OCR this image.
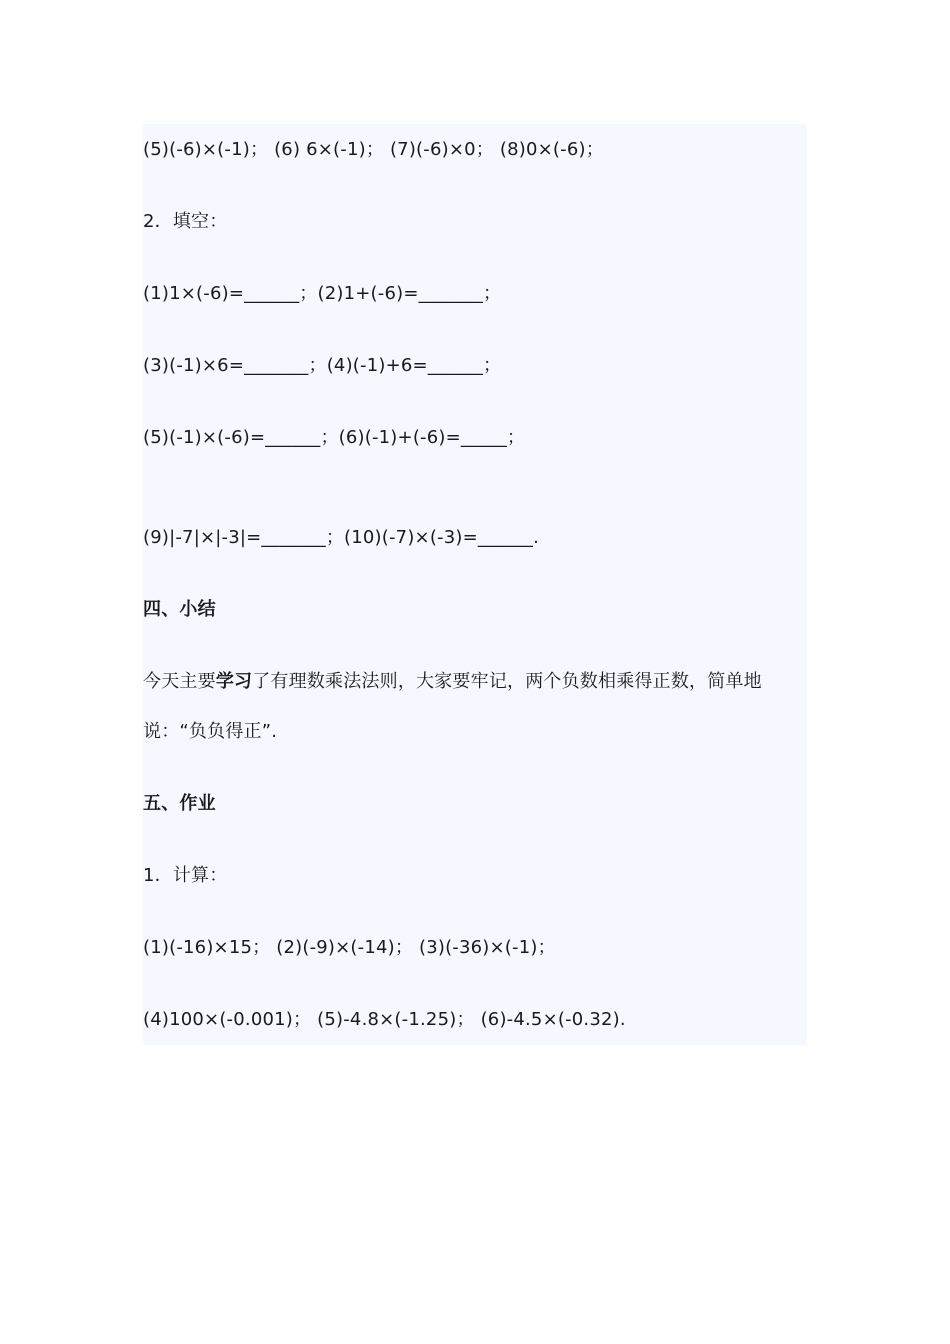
(5)(-6)×(-1)； (6) 6×(-1)； (7)(-6)×0； (8)0×(-6)；
2．填空：
(1)1×(-6)=______；(2)1+(-6)=_______；
(3)(-1)×6=_______；(4)(-1)+6=______；
(5)(-1)×(-6)=______；(6)(-1)+(-6)=_____；
(9)|-7|×|-3|=_______；(10)(-7)×(-3)=______.
四、小结
今天主要学习了有理数乘法法则，大家要牢记，两个负数相乘得正数，简单地
说：“负负得正”.
五、作业
1．计算：
(1)(-16)×15； (2)(-9)×(-14)； (3)(-36)×(-1)；
(4)100×(-0.001)； (5)-4.8×(-1.25)； (6)-4.5×(-0.32).
